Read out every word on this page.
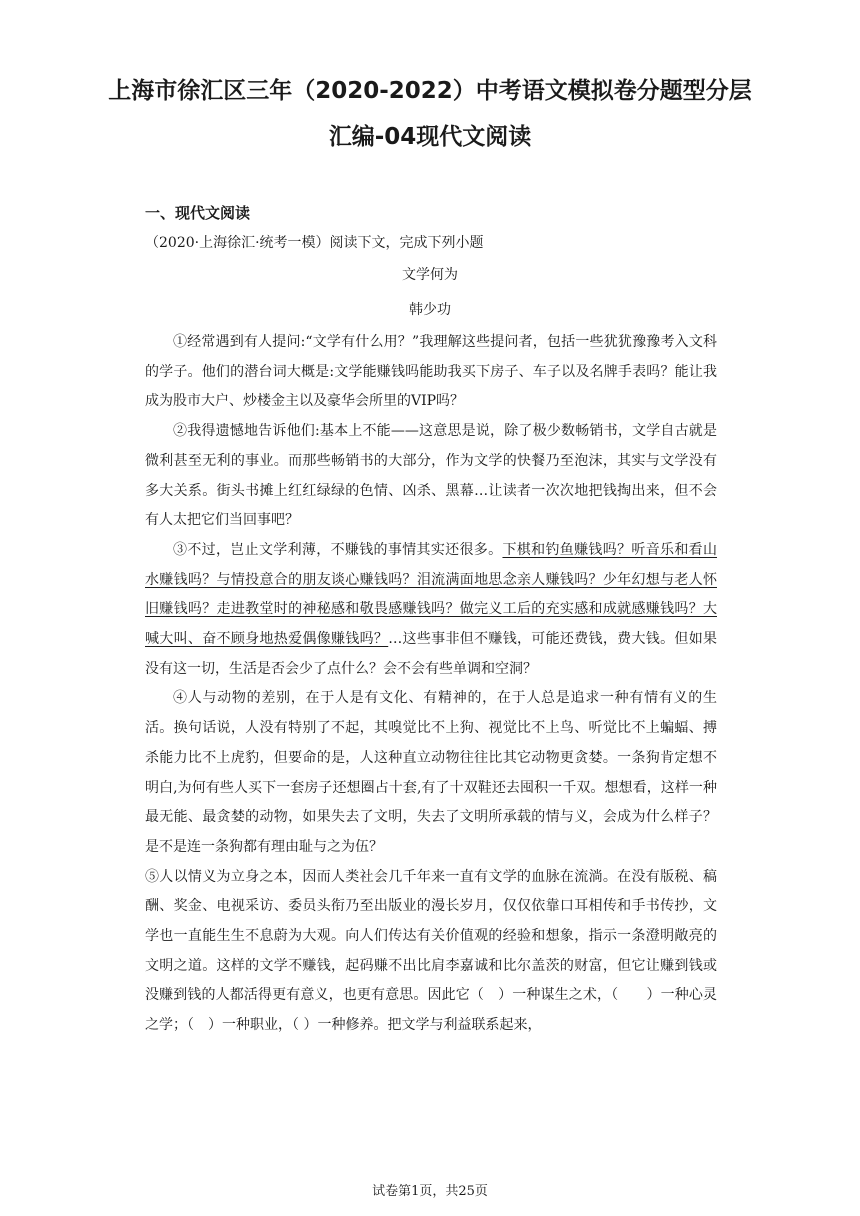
上海市徐汇区三年（2020-2022）中考语文模拟卷分题型分层
汇编-04现代文阅读
一、现代文阅读
（2020·上海徐汇·统考一模）阅读下文，完成下列小题
文学何为
韩少功

①经常遇到有人提问:“文学有什么用？”我理解这些提问者，包括一些犹犹豫豫考入文科的学子。他们的潜台词大概是:文学能赚钱吗能助我买下房子、车子以及名牌手表吗？能让我成为股市大户、炒楼金主以及豪华会所里的VIP吗？

②我得遗憾地告诉他们:基本上不能——这意思是说，除了极少数畅销书，文学自古就是微利甚至无利的事业。而那些畅销书的大部分，作为文学的快餐乃至泡沫，其实与文学没有多大关系。街头书摊上红红绿绿的色情、凶杀、黑幕…让读者一次次地把钱掏出来，但不会有人太把它们当回事吧？

③不过，岂止文学利薄，不赚钱的事情其实还很多。下棋和钓鱼赚钱吗？听音乐和看山水赚钱吗？与情投意合的朋友谈心赚钱吗？泪流满面地思念亲人赚钱吗？少年幻想与老人怀旧赚钱吗？走进教堂时的神秘感和敬畏感赚钱吗？做完义工后的充实感和成就感赚钱吗？大喊大叫、奋不顾身地热爱偶像赚钱吗？…这些事非但不赚钱，可能还费钱，费大钱。但如果没有这一切，生活是否会少了点什么？会不会有些单调和空洞？

④人与动物的差别，在于人是有文化、有精神的，在于人总是追求一种有情有义的生活。换句话说，人没有特别了不起，其嗅觉比不上狗、视觉比不上鸟、听觉比不上蝙蝠、搏杀能力比不上虎豹，但要命的是，人这种直立动物往往比其它动物更贪婪。一条狗肯定想不明白,为何有些人买下一套房子还想圈占十套,有了十双鞋还去囤积一千双。想想看，这样一种最无能、最贪婪的动物，如果失去了文明，失去了文明所承载的情与义，会成为什么样子？是不是连一条狗都有理由耻与之为伍？

⑤人以情义为立身之本，因而人类社会几千年来一直有文学的血脉在流淌。在没有版税、稿酬、奖金、电视采访、委员头衔乃至出版业的漫长岁月，仅仅依靠口耳相传和手书传抄，文学也一直能生生不息蔚为大观。向人们传达有关价值观的经验和想象，指示一条澄明敞亮的文明之道。这样的文学不赚钱，起码赚不出比肩李嘉诚和比尔盖茨的财富，但它让赚到钱或没赚到钱的人都活得更有意义，也更有意思。因此它（　）一种谋生之术，（　　）一种心灵之学；（　）一种职业，（ ）一种修养。把文学与利益联系起来，

试卷第1页，共25页
